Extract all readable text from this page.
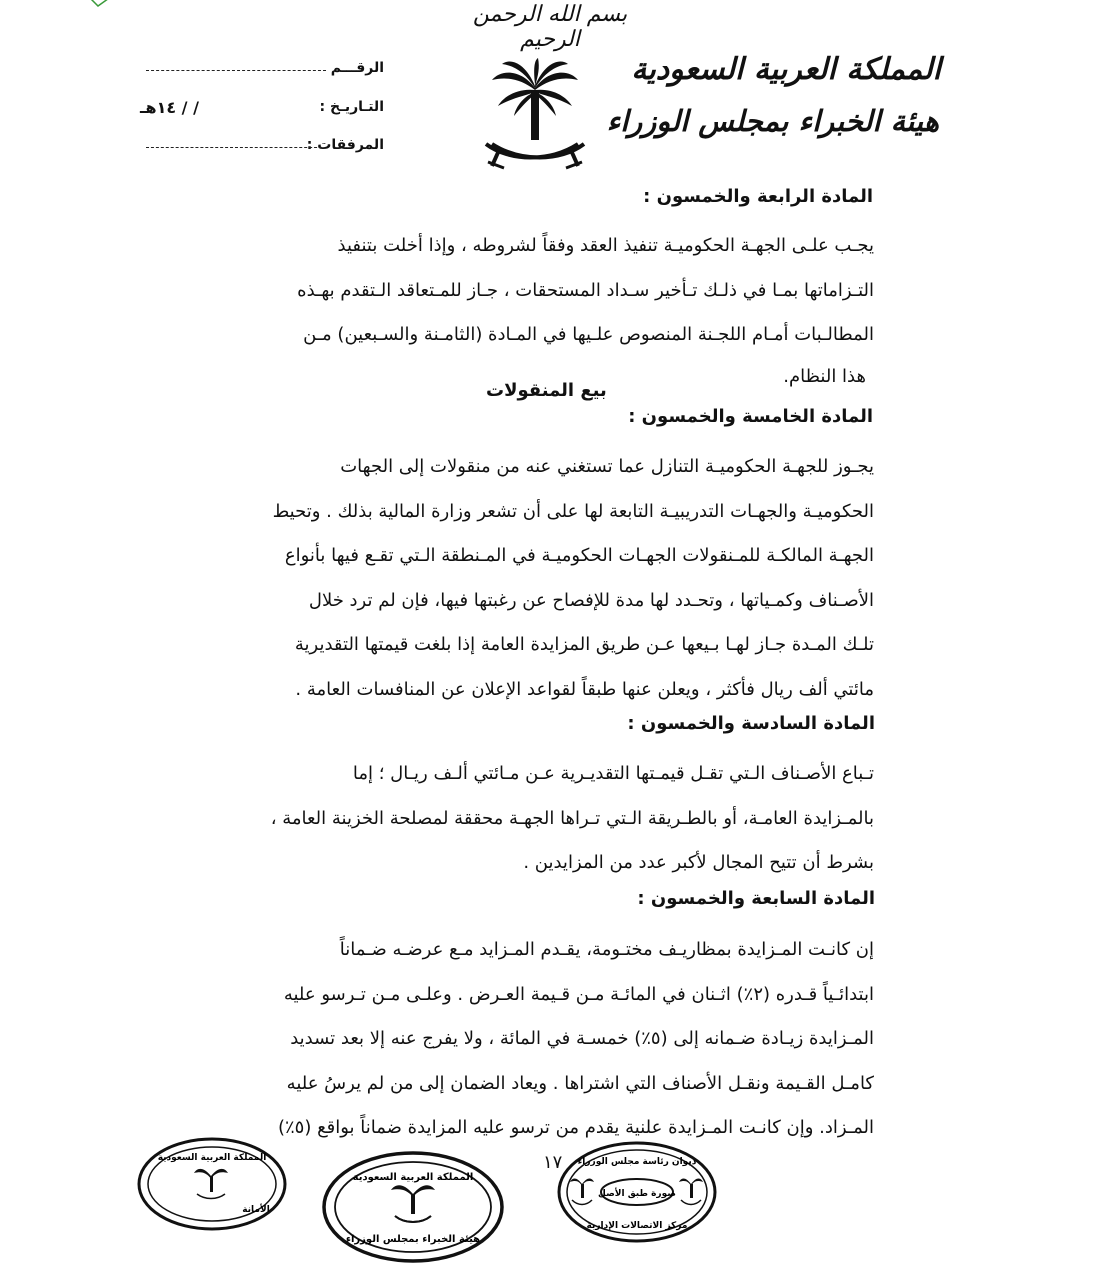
بسم الله الرحمن الرحيم
المملكة العربية السعودية
هيئة الخبراء بمجلس الوزراء
الرقـــم
التـاريـخ :
/ / ١٤هـ
المرفقات :
المادة الرابعة والخمسون :
يجـب علـى الجهـة الحكوميـة تنفيذ العقد وفقاً لشروطه ، وإذا أخلت بتنفيذ
التـزاماتها بمـا في ذلـك تـأخير سـداد المستحقات ، جـاز للمـتعاقد الـتقدم بهـذه
المطالـبات أمـام اللجـنة المنصوص علـيها في المـادة (الثامـنة والسـبعين) مـن
هذا النظام.
بيع المنقولات
المادة الخامسة والخمسون :
يجـوز للجهـة الحكوميـة التنازل عما تستغني عنه من منقولات إلى الجهات
الحكوميـة والجهـات التدريبيـة التابعة لها على أن تشعر وزارة المالية بذلك . وتحيط
الجهـة المالكـة للمـنقولات الجهـات الحكوميـة في المـنطقة الـتي تقـع فيها بأنواع
الأصـناف وكمـياتها ، وتحـدد لها مدة للإفصاح عن رغبتها فيها، فإن لم ترد خلال
تلـك المـدة جـاز لهـا بـيعها عـن طريق المزايدة العامة إذا بلغت قيمتها التقديرية
مائتي ألف ريال فأكثر ، ويعلن عنها طبقاً لقواعد الإعلان عن المنافسات العامة .
المادة السادسة والخمسون :
تـباع الأصـناف الـتي تقـل قيمـتها التقديـرية عـن مـائتي ألـف ريـال ؛ إما
بالمـزايدة العامـة، أو بالطـريقة الـتي تـراها الجهـة محققة لمصلحة الخزينة العامة ،
بشرط أن تتيح المجال لأكبر عدد من المزايدين .
المادة السابعة والخمسون :
إن كانـت المـزايدة بمظاريـف مختـومة، يقـدم المـزايد مـع عرضـه ضـماناً
ابتدائـياً قـدره (٢٪) اثـنان في المائـة مـن قـيمة العـرض . وعلـى مـن تـرسو عليه
المـزايدة زيـادة ضـمانه إلى (٥٪) خمسـة في المائة ، ولا يفرج عنه إلا بعد تسديد
كامـل القـيمة ونقـل الأصناف التي اشتراها . ويعاد الضمان إلى من لم يرسُ عليه
المـزاد. وإن كانـت المـزايدة علنية يقدم من ترسو عليه المزايدة ضماناً بواقع (٥٪)
١٧
صورة طبق الأصل
ديوان رئاسة مجلس الوزراء
مركز الاتصالات الإدارية
المملكة العربية السعودية
هيئة الخبراء بمجلس الوزراء
المملكة العربية السعودية
الأمانة
